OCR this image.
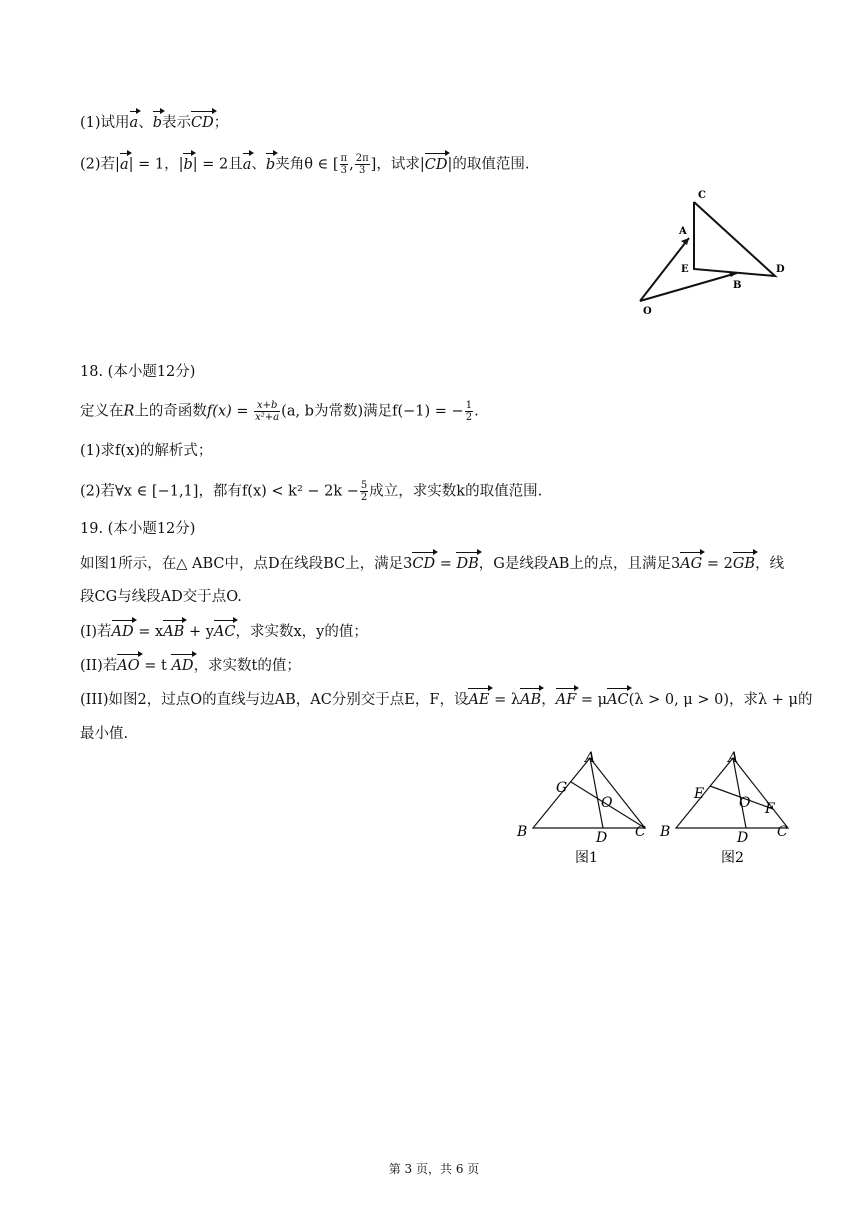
(1)试用a、b表示CD；
(2)若|a| = 1，|b| = 2且a、b夹角θ ∈ [ $\frac{\pi}{3}$ , $\frac{2\pi}{3}$ ]，试求|CD|的取值范围.
C
A
E	D
B
O
18. (本小题12分)
定义在R上的奇函数$f(x) = \frac{x+b}{\text{x²+a}} (a$, b为常数)满足f(−1) = − $\frac{1}{2}$ .
(1)求f(x)的解析式；
(2)若∀x ∈ [−1,1]，都有$f(x) < k^2 - 2k - \frac{5}{2}$ 成立，求实数k的取值范围.
19. (本小题12分)
如图1所示，在△ ABC中，点D在线段BC上，满足3CD = DB，G是线段AB上的点，且满足3AG = 2GB，线
段CG与线段AD交于点O.
(I)若AD = xAB + yAC，求实数x，y的值；
(II)若AO = t AD，求实数t的值；
(III)如图2，过点O的直线与边AB，AC分别交于点E，F，设AE = λAB，AF = μAC(λ > 0, μ > 0)，求λ + μ的
最小值.
A
G
O
B	D C
图1
A
E
O F
B	D C
图2
第 3 页，共 6 页
